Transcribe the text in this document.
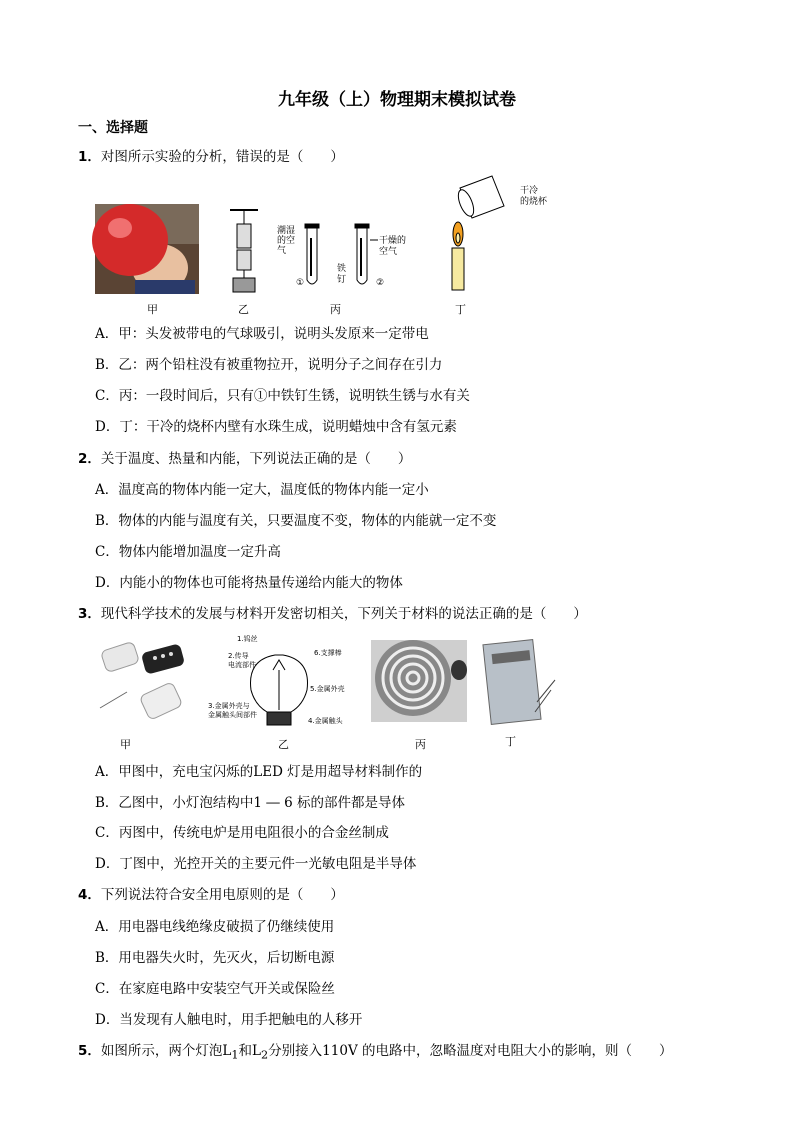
九年级（上）物理期末模拟试卷
一、选择题
1．对图所示实验的分析，错误的是（　　）
潮湿
的空
气
铁
钉
干燥的
空气
①	②
干冷
的烧杯
甲	乙	丙	丁
A．甲：头发被带电的气球吸引，说明头发原来一定带电
B．乙：两个铅柱没有被重物拉开，说明分子之间存在引力
C．丙：一段时间后，只有①中铁钉生锈，说明铁生锈与水有关
D．丁：干冷的烧杯内壁有水珠生成，说明蜡烛中含有氢元素
2．关于温度、热量和内能，下列说法正确的是（　　）
A．温度高的物体内能一定大，温度低的物体内能一定小
B．物体的内能与温度有关，只要温度不变，物体的内能就一定不变
C．物体内能增加温度一定升高
D．内能小的物体也可能将热量传递给内能大的物体
3．现代科学技术的发展与材料开发密切相关，下列关于材料的说法正确的是（　　）
1.钨丝
2.传导
电流部件
6.支撑棒
5.金属外壳
3.金属外壳与
金属触头间部件
4.金属触头
甲	乙	丙	丁
A．甲图中，充电宝闪烁的LED 灯是用超导材料制作的
B．乙图中，小灯泡结构中1 ― 6 标的部件都是导体
C．丙图中，传统电炉是用电阻很小的合金丝制成
D．丁图中，光控开关的主要元件一光敏电阻是半导体
4．下列说法符合安全用电原则的是（　　）
A．用电器电线绝缘皮破损了仍继续使用
B．用电器失火时，先灭火，后切断电源
C．在家庭电路中安装空气开关或保险丝
D．当发现有人触电时，用手把触电的人移开
5．如图所示，两个灯泡$L_1$和$L_2$分别接入110V 的电路中，忽略温度对电阻大小的影响，则（　　）
